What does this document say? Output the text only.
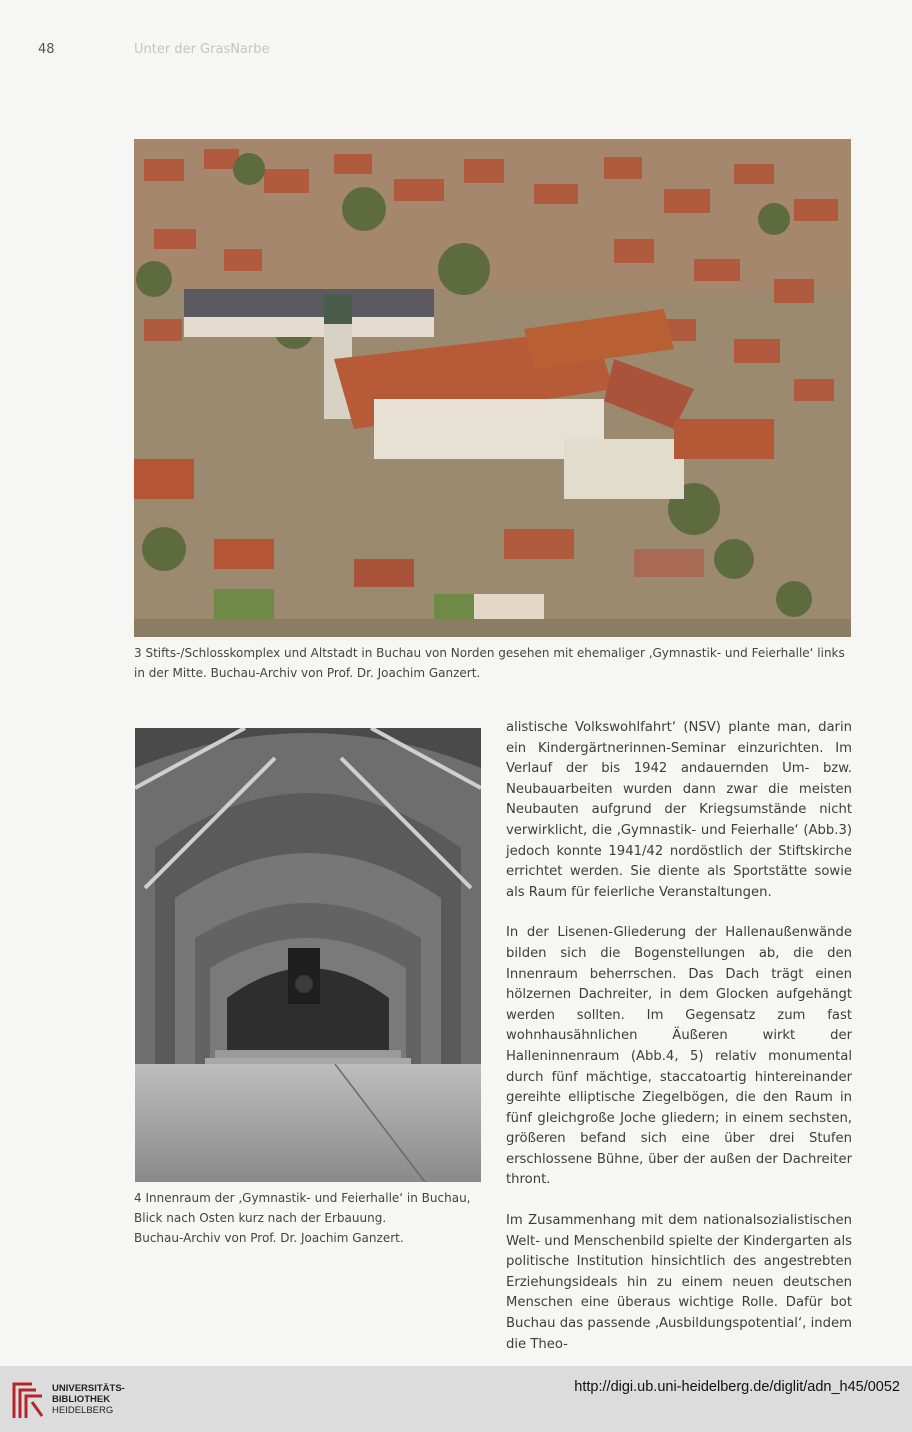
48	Unter der GrasNarbe
3 Stifts-/Schlosskomplex und Altstadt in Buchau von Norden gesehen mit ehemaliger ‚Gymnastik- und Feierhalle‘ links in der Mitte. Buchau-Archiv von Prof. Dr. Joachim Ganzert.
4 Innenraum der ‚Gymnastik- und Feierhalle‘ in Buchau,
Blick nach Osten kurz nach der Erbauung.
Buchau-Archiv von Prof. Dr. Joachim Ganzert.

alistische Volkswohlfahrt‘ (NSV) plante man, darin ein Kindergärtnerinnen-Seminar einzurichten. Im Verlauf der bis 1942 andauernden Um- bzw. Neubauarbeiten wurden dann zwar die meisten Neubauten aufgrund der Kriegsumstände nicht verwirklicht, die ‚Gymnastik- und Feierhalle‘ (Abb.3) jedoch konnte 1941/42 nordöstlich der Stiftskirche errichtet werden. Sie diente als Sportstätte sowie als Raum für feierliche Veranstaltungen.

In der Lisenen-Gliederung der Hallenaußenwände bilden sich die Bogenstellungen ab, die den Innenraum beherrschen. Das Dach trägt einen hölzernen Dachreiter, in dem Glocken aufgehängt werden sollten. Im Gegensatz zum fast wohnhausähnlichen Äußeren wirkt der Halleninnenraum (Abb.4, 5) relativ monumental durch fünf mächtige, staccatoartig hintereinander gereihte elliptische Ziegelbögen, die den Raum in fünf gleichgroße Joche gliedern; in einem sechsten, größeren befand sich eine über drei Stufen erschlossene Bühne, über der außen der Dachreiter thront.

Im Zusammenhang mit dem nationalsozialistischen Welt- und Menschenbild spielte der Kindergarten als politische Institution hinsichtlich des angestrebten Erziehungsideals hin zu einem neuen deutschen Menschen eine überaus wichtige Rolle. Dafür bot Buchau das passende ‚Ausbildungspotential‘, indem die Theo-

UNIVERSITÄTS-
BIBLIOTHEK
HEIDELBERG
http://digi.ub.uni-heidelberg.de/diglit/adn_h45/0052
